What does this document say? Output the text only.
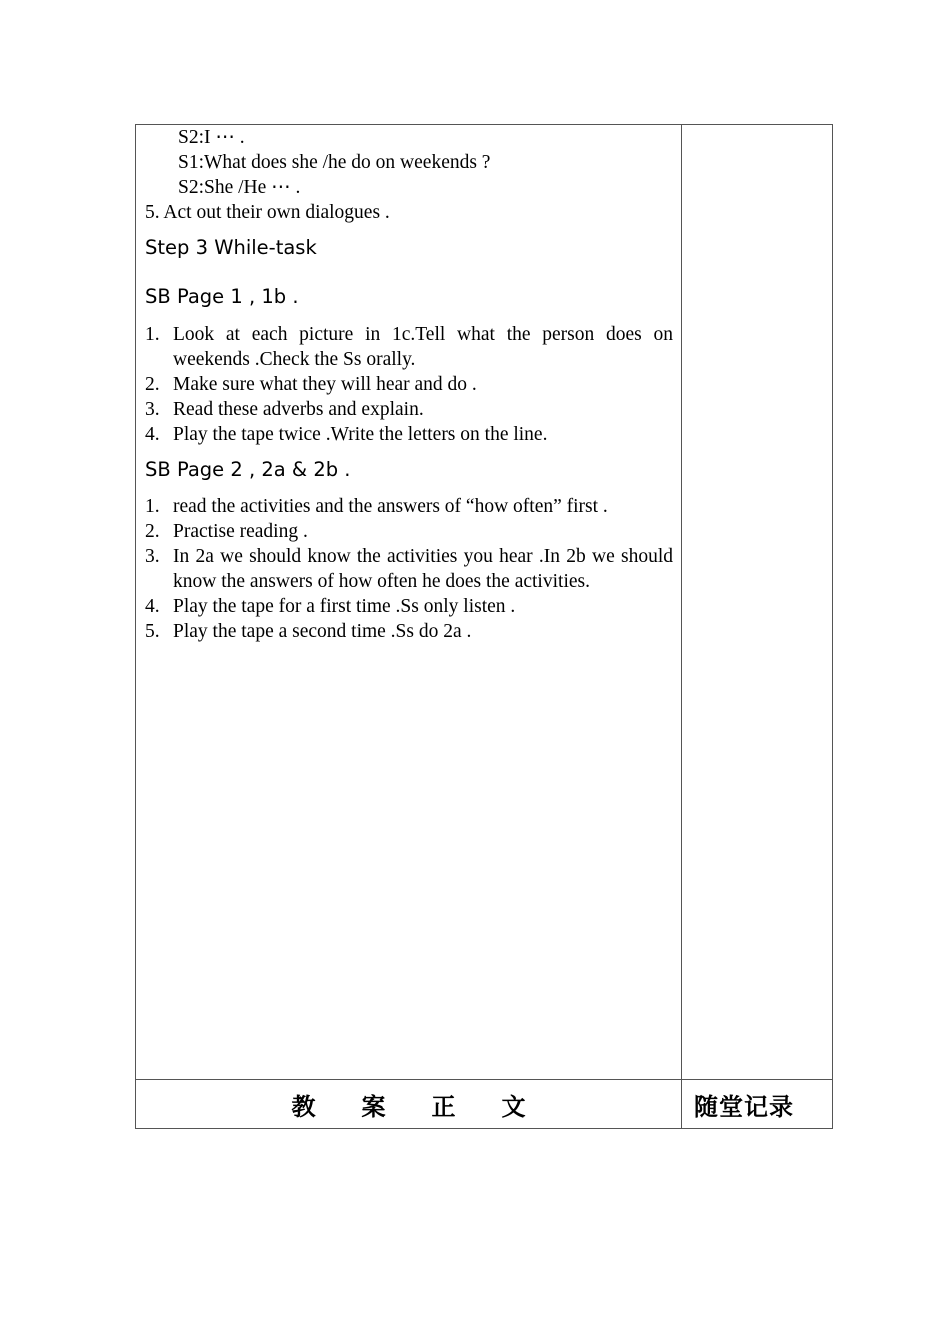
S2:I ⋯ .
S1:What does she /he do on weekends ?
S2:She /He ⋯ .
5. Act out their own dialogues .
Step 3 While-task
SB Page 1 , 1b .
1. Look at each picture in 1c.Tell what the person does on weekends .Check the Ss orally.
2. Make sure what they will hear and do .
3. Read these adverbs and explain.
4. Play the tape twice .Write the letters on the line.
SB Page 2 , 2a & 2b .
1. read the activities and the answers of “how often” first .
2. Practise reading .
3. In 2a we should know the activities you hear .In 2b we should know the answers of how often he does the activities.
4. Play the tape for a first time .Ss only listen .
5. Play the tape a second time .Ss do 2a .
教 案 正 文	随堂记录
